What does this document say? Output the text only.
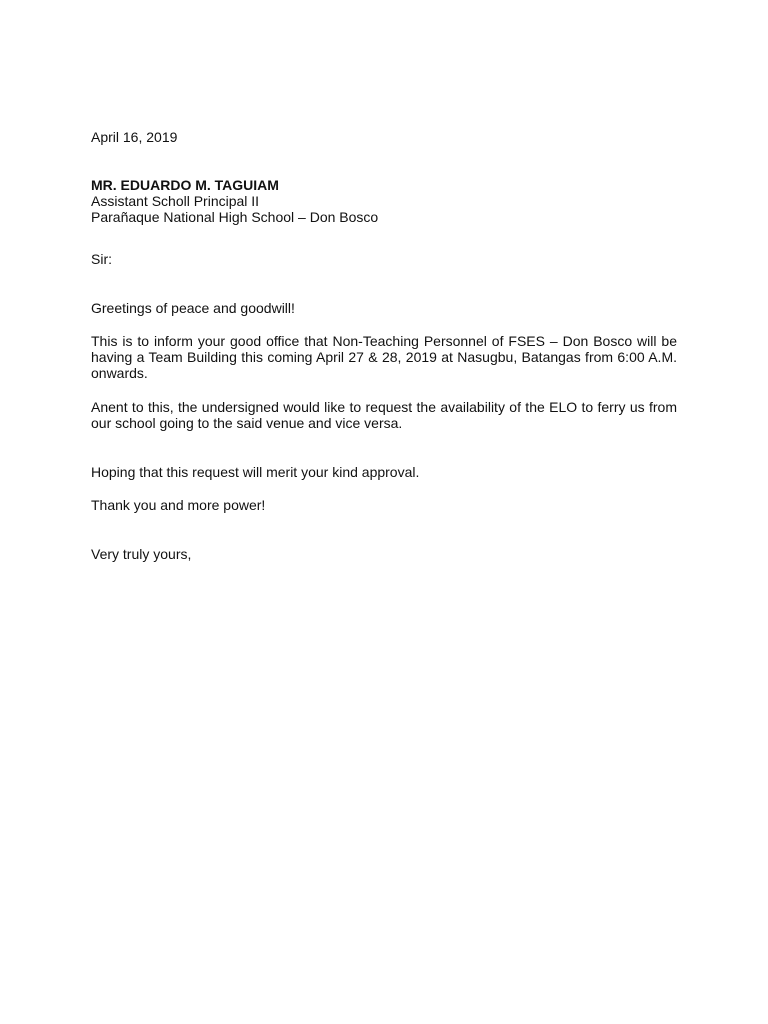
April 16, 2019

MR. EDUARDO M. TAGUIAM
Assistant Scholl Principal II
Parañaque National High School – Don Bosco

Sir:

Greetings of peace and goodwill!

This is to inform your good office that Non-Teaching Personnel of FSES – Don Bosco will be having a Team Building this coming April 27 & 28, 2019 at Nasugbu, Batangas from 6:00 A.M. onwards.

Anent to this, the undersigned would like to request the availability of the ELO to ferry us from our school going to the said venue and vice versa.

Hoping that this request will merit your kind approval.

Thank you and more power!

Very truly yours,
